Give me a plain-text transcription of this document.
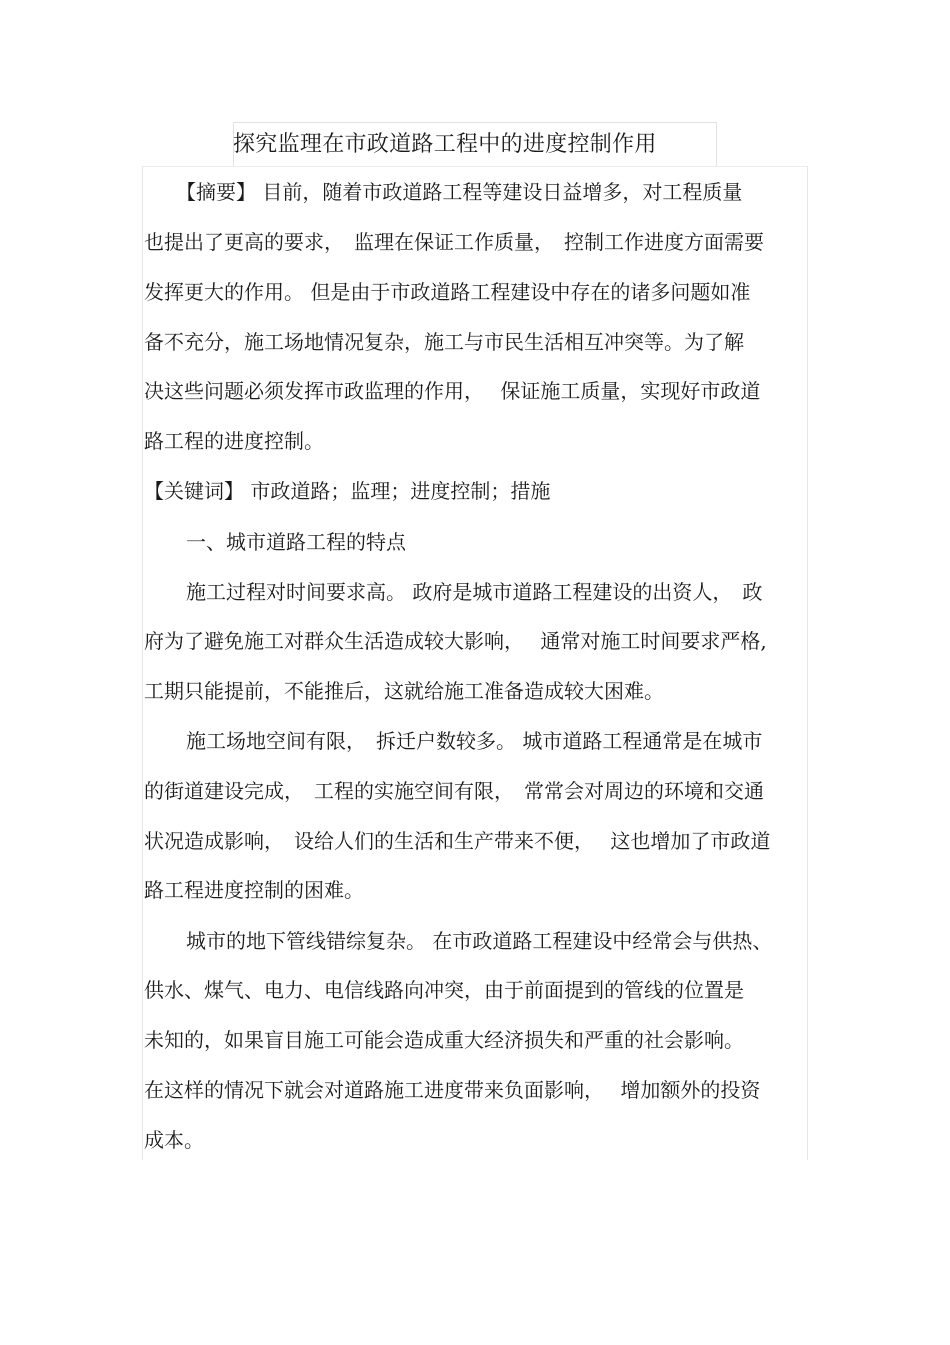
探究监理在市政道路工程中的进度控制作用
【摘要】 目前，随着市政道路工程等建设日益增多，对工程质量
也提出了更高的要求，　监理在保证工作质量，　控制工作进度方面需要
发挥更大的作用。 但是由于市政道路工程建设中存在的诸多问题如准
备不充分，施工场地情况复杂，施工与市民生活相互冲突等。为了解
决这些问题必须发挥市政监理的作用，　 保证施工质量，实现好市政道
路工程的进度控制。
【关键词】 市政道路；监理；进度控制；措施
一、城市道路工程的特点
施工过程对时间要求高。 政府是城市道路工程建设的出资人，　政
府为了避免施工对群众生活造成较大影响，　 通常对施工时间要求严格,
工期只能提前，不能推后，这就给施工准备造成较大困难。
施工场地空间有限，　拆迁户数较多。 城市道路工程通常是在城市
的街道建设完成，　工程的实施空间有限，　常常会对周边的环境和交通
状况造成影响，　设给人们的生活和生产带来不便，　 这也增加了市政道
路工程进度控制的困难。
城市的地下管线错综复杂。 在市政道路工程建设中经常会与供热、
供水、煤气、电力、电信线路向冲突，由于前面提到的管线的位置是
未知的，如果盲目施工可能会造成重大经济损失和严重的社会影响。
在这样的情况下就会对道路施工进度带来负面影响，　 增加额外的投资
成本。
